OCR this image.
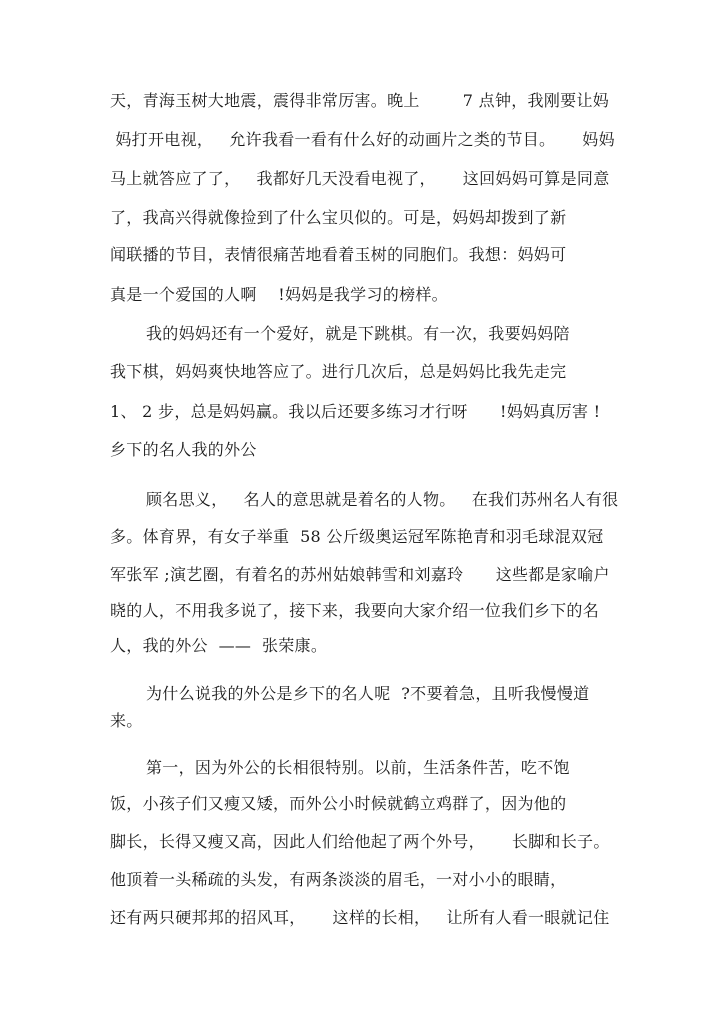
天，青海玉树大地震，震得非常厉害。晚上        7 点钟，我刚要让妈
妈打开电视，   允许我看一看有什么好的动画片之类的节目。     妈妈
马上就答应了了，   我都好几天没看电视了，     这回妈妈可算是同意
了，我高兴得就像捡到了什么宝贝似的。可是，妈妈却拨到了新
闻联播的节目，表情很痛苦地看着玉树的同胞们。我想：妈妈可
真是一个爱国的人啊    !妈妈是我学习的榜样。
我的妈妈还有一个爱好，就是下跳棋。有一次，我要妈妈陪
我下棋，妈妈爽快地答应了。进行几次后，总是妈妈比我先走完
1、 2 步，总是妈妈赢。我以后还要多练习才行呀      !妈妈真厉害 !
乡下的名人我的外公
顾名思义，   名人的意思就是着名的人物。   在我们苏州名人有很
多。体育界，有女子举重  58 公斤级奥运冠军陈艳青和羽毛球混双冠
军张军 ;演艺圈，有着名的苏州姑娘韩雪和刘嘉玲      这些都是家喻户
晓的人，不用我多说了，接下来，我要向大家介绍一位我们乡下的名
人，我的外公  ——  张荣康。
为什么说我的外公是乡下的名人呢  ?不要着急，且听我慢慢道
来。
第一，因为外公的长相很特别。以前，生活条件苦，吃不饱
饭，小孩子们又瘦又矮，而外公小时候就鹤立鸡群了，因为他的
脚长，长得又瘦又高，因此人们给他起了两个外号，     长脚和长子。
他顶着一头稀疏的头发，有两条淡淡的眉毛，一对小小的眼睛，
还有两只硬邦邦的招风耳，     这样的长相，   让所有人看一眼就记住
